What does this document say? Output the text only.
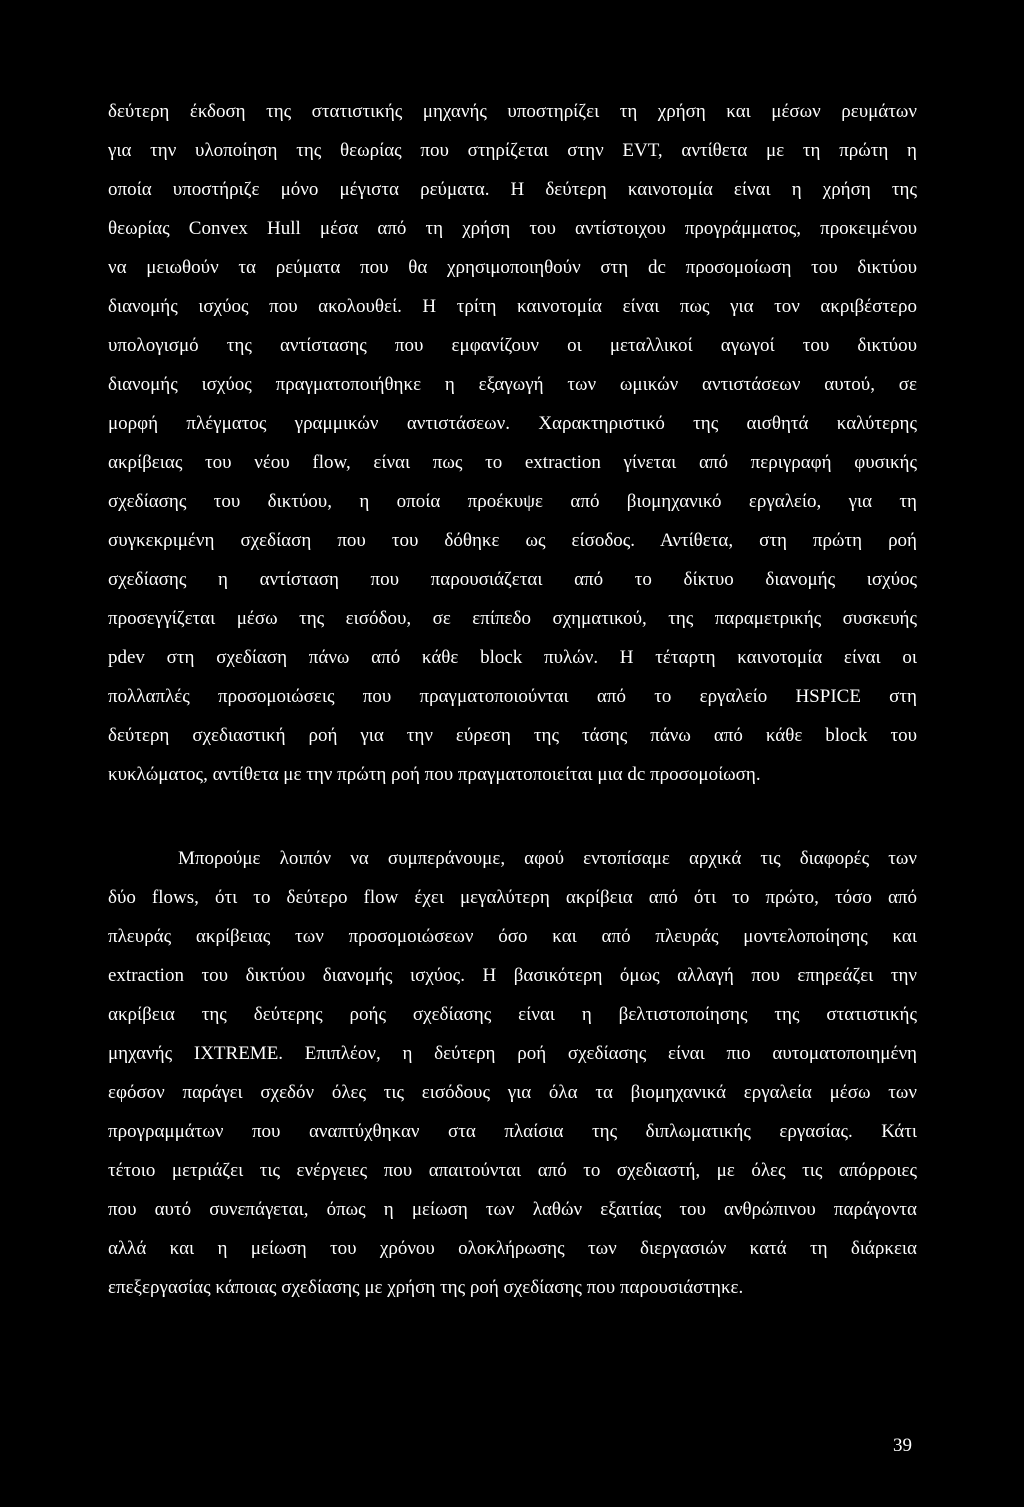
δεύτερη έκδοση της στατιστικής μηχανής υποστηρίζει τη χρήση και μέσων ρευμάτων
για την υλοποίηση της θεωρίας που στηρίζεται στην EVT, αντίθετα με τη πρώτη η
οποία υποστήριζε μόνο μέγιστα ρεύματα. Η δεύτερη καινοτομία είναι η χρήση της
θεωρίας Convex Hull μέσα από τη χρήση του αντίστοιχου προγράμματος, προκειμένου
να μειωθούν τα ρεύματα που θα χρησιμοποιηθούν στη dc προσομοίωση του δικτύου
διανομής ισχύος που ακολουθεί. Η τρίτη καινοτομία είναι πως για τον ακριβέστερο
υπολογισμό της αντίστασης που εμφανίζουν οι μεταλλικοί αγωγοί του δικτύου
διανομής ισχύος πραγματοποιήθηκε η εξαγωγή των ωμικών αντιστάσεων αυτού, σε
μορφή πλέγματος γραμμικών αντιστάσεων. Χαρακτηριστικό της αισθητά καλύτερης
ακρίβειας του νέου flow, είναι πως το extraction γίνεται από περιγραφή φυσικής
σχεδίασης του δικτύου, η οποία προέκυψε από βιομηχανικό εργαλείο, για τη
συγκεκριμένη σχεδίαση που του δόθηκε ως είσοδος. Αντίθετα, στη πρώτη ροή
σχεδίασης η αντίσταση που παρουσιάζεται από το δίκτυο διανομής ισχύος
προσεγγίζεται μέσω της εισόδου, σε επίπεδο σχηματικού, της παραμετρικής συσκευής
pdev στη σχεδίαση πάνω από κάθε block πυλών. Η τέταρτη καινοτομία είναι οι
πολλαπλές προσομοιώσεις που πραγματοποιούνται από το εργαλείο HSPICE στη
δεύτερη σχεδιαστική ροή για την εύρεση της τάσης πάνω από κάθε block του
κυκλώματος, αντίθετα με την πρώτη ροή που πραγματοποιείται μια dc προσομοίωση.
Μπορούμε λοιπόν να συμπεράνουμε, αφού εντοπίσαμε αρχικά τις διαφορές των
δύο flows, ότι το δεύτερο flow έχει μεγαλύτερη ακρίβεια από ότι το πρώτο, τόσο από
πλευράς ακρίβειας των προσομοιώσεων όσο και από πλευράς μοντελοποίησης και
extraction του δικτύου διανομής ισχύος. Η βασικότερη όμως αλλαγή που επηρεάζει την
ακρίβεια της δεύτερης ροής σχεδίασης είναι η βελτιστοποίησης της στατιστικής
μηχανής IXTREME. Επιπλέον, η δεύτερη ροή σχεδίασης είναι πιο αυτοματοποιημένη
εφόσον παράγει σχεδόν όλες τις εισόδους για όλα τα βιομηχανικά εργαλεία μέσω των
προγραμμάτων που αναπτύχθηκαν στα πλαίσια της διπλωματικής εργασίας. Κάτι
τέτοιο μετριάζει τις ενέργειες που απαιτούνται από το σχεδιαστή, με όλες τις απόρροιες
που αυτό συνεπάγεται, όπως η μείωση των λαθών εξαιτίας του ανθρώπινου παράγοντα
αλλά και η μείωση του χρόνου ολοκλήρωσης των διεργασιών κατά τη διάρκεια
επεξεργασίας κάποιας σχεδίασης με χρήση της ροή σχεδίασης που παρουσιάστηκε.
39
